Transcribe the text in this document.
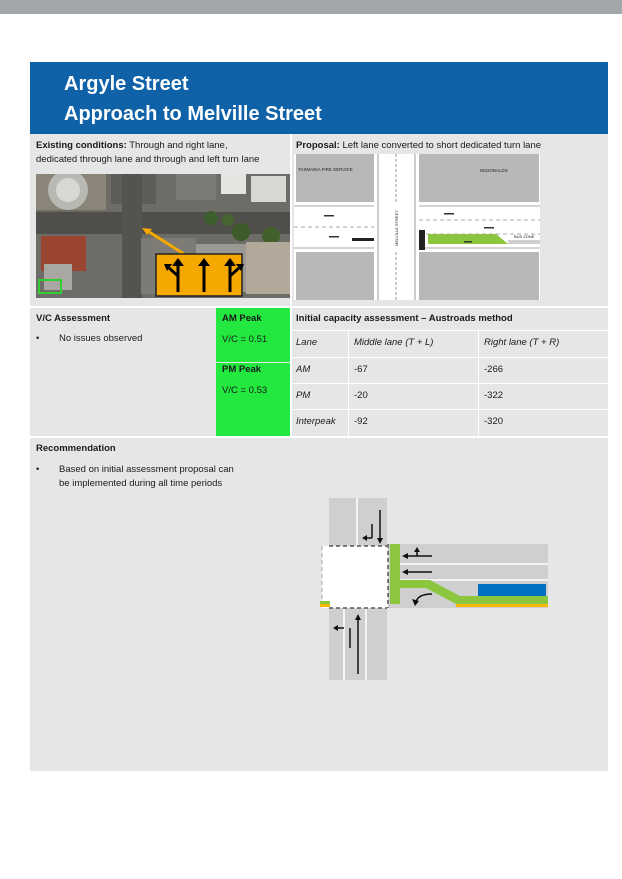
Argyle Street
Approach to Melville Street
Existing conditions: Through and right lane,
dedicated through lane and through and left turn lane
Proposal: Left lane converted to short dedicated turn lane
TASMANIA FIRE SERVICE	McDONALDS
MELVILLE STREET	BUS ZONE
V/C Assessment
• No issues observed
AM Peak
V/C = 0.51
PM Peak
V/C = 0.53
Initial capacity assessment – Austroads method
Lane	Middle lane (T + L)	Right lane (T + R)
AM	-67	-266
PM	-20	-322
Interpeak -92	-320
Recommendation
• Based on initial assessment proposal can
be implemented during all time periods
